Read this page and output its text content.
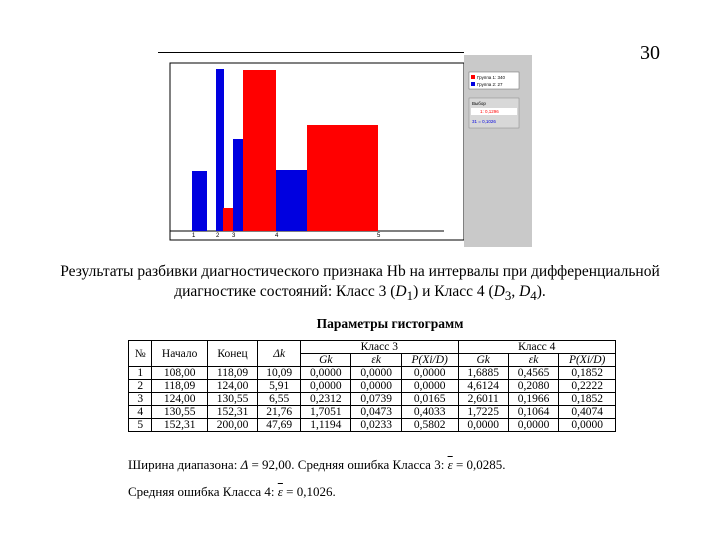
30
1	2 3	4	5
Группа 1: 340
Группа 2: 27
Выбор
1: 0,1296
31 = 0,1026
Результаты разбивки диагностического признака Hb на интервалы при дифференциальной
диагностике состояний: Класс 3 $(D_1)$ и Класс 4 ($D_3$, $D_4$).
Параметры гистограмм
№	Начало	Конец	Δk	Класс 3			Класс 4		
				Gk	εk	P(Xi/D)	Gk	εk	P(Xi/D)
1	108,00	118,09	10,09	0,0000	0,0000	0,0000	1,6885	0,4565	0,1852
2	118,09	124,00	5,91	0,0000	0,0000	0,0000	4,6124	0,2080	0,2222
3	124,00	130,55	6,55	0,2312	0,0739	0,0165	2,6011	0,1966	0,1852
4	130,55	152,31	21,76	1,7051	0,0473	0,4033	1,7225	0,1064	0,4074
5	152,31	200,00	47,69	1,1194	0,0233	0,5802	0,0000	0,0000	0,0000
Ширина диапазона: Δ = 92,00. Средняя ошибка Класса 3: $\overline{\varepsilon} = 0,0285$.
Средняя ошибка Класса 4: $\overline{\varepsilon} = 0,1026$.
